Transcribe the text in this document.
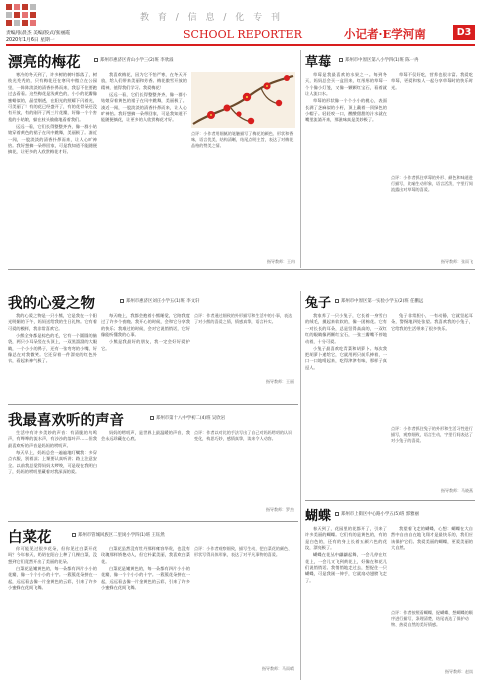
教 育 / 信 息 / 化 专 刊
责编/张晨杰 美编/胶式/张丽霞
2020年1月6日 星期一	SCHOOL REPORTER	小记者·E学河南	D3
漂亮的梅花	郑州市惠济区青山小学三(2)班 李欣溢

寒冷的冬天到了，许多树的树叶都落了，树枝光秃秃的，只有梅花还在寒风中傲立在公园里，一阵阵淡淡的清香扑鼻而来，我忍不住要跑过去看看。这些梅花是浅黄色的，小小的花瓣像蜜蜡似的，晶莹剔透，在阳光的照耀下闪着光，可美丽了！有的花已经盛开了，有的花骨朵还没有开放，有的刚开了两三片花瓣，好像一个个害羞的小姑娘，躲在枝头偷偷地看着我们。

远远一看，它们长得整整齐齐，像一群小姑娘穿着黄色的裙子在风中跳舞，美丽极了。凑近一闻，一股淡淡的清香扑鼻而来，让人心旷神怡。我好想摘一朵带回家，可是我知道不能随便摘花，让更多的人欣赏梅花才好。

我喜欢梅花，因为它不怕严寒，在冬天开放，给人们带来美丽和芳香。梅花傲雪开放的精神，值得我们学习。我爱梅花！

远远一看，它们长得整整齐齐，像一群小姑娘穿着黄色的裙子在风中跳舞，美丽极了。凑近一闻，一股淡淡的清香扑鼻而来，让人心旷神怡。我好想摘一朵带回家，可是我知道不能随便摘花，让更多的人欣赏梅花才好。

点评：小作者用细腻的笔触描写了梅花的颜色、形状和香味，语言优美，结构清晰，结尾点明主旨，表达了对梅花品格的赞美之情。
指导教师：王冉
草莓	郑州市中原区第八小学四(1)班 陈一冉

草莓是我最喜欢的水果之一。每到冬天，妈妈总会买一盒回来，红彤彤的草莓一个个像小灯笼，又像一颗颗红宝石，看着就让人流口水。

草莓的形状像一个个小小的桃心，表面长满了芝麻似的小籽，顶上戴着一顶绿色的小帽子。轻轻咬一口，酸酸甜甜的汁水就在嘴里流淌开来，那滋味真是美妙极了。

草莓不仅好吃，营养也很丰富。我爱吃草莓，更爱和家人一起分享草莓时的快乐时光。

点评：小作者抓住草莓的外形、颜色和味道进行描写，比喻生动形象，语言活泼，字里行间流露出对草莓的喜爱。
指导教师：张雨飞
我的心爱之物	郑州市惠济区刘庄小学五(1)班 李文轩

我的心爱之物是一只小熊，它是我在一个阳光明媚的下午，妈妈送给我的生日礼物。它有着可爱的模样，我非常喜欢它。

小熊全身都是棕色的毛，它有一个圆圆的脑袋，两只小耳朵竖在头顶上，一双黑溜溜的大眼睛，一个小小的鼻子，还有一张弯弯的小嘴，好像总在对我微笑。它还穿着一件漂亮的红色外衣，看起来神气极了。

每天晚上，我都会抱着小熊睡觉，它陪我度过了许多个夜晚。我开心的时候，会和它分享我的快乐；我难过的时候，会对它说悄悄话，它好像能听懂我的心事。

小熊是我最好的朋友，我一定会好好爱护它。

点评：作者通过细致的外形描写和生活中的小事，表达了对小熊的喜爱之情，情感真挚，语言朴实。
指导教师：王丽
兔子 郑州市中原区第一实验小学五(2)班 任鹏远

我家养了一只小兔子，它长着一身雪白的绒毛，摸起来软软的，像一团棉花。它有一对长长的耳朵，总是竖得高高的，一双红红的眼睛像两颗红宝石，一张三瓣嘴不停地动着，十分可爱。

小兔子最喜欢吃青菜和胡萝卜。每次我把胡萝卜递给它，它就用两只前爪捧着，一口一口地啃起来，吃得津津有味，那样子真逗人。

兔子非常胆小，一有动静，它就竖起耳朵，警惕地四处张望。我喜欢我的小兔子，它给我的生活带来了很多快乐。

点评：小作者抓住兔子的外形和生活习性进行描写，观察细致，语言生动，字里行间表达了对小兔子的喜爱。
指导教师：马晓燕
我最喜欢听的声音	郑州市第十八中学初二(4)班 吴欣岩

生活中有许多美妙的声音：有清脆的鸟鸣声，有哗哗的流水声，有沙沙的落叶声……但我最喜欢听的声音是妈妈的唠叨声。

每天早上，妈妈总会一遍遍地叮嘱我：多穿点衣服，别着凉；上课要认真听讲；路上注意安全。以前我总觉得妈妈太啰唆，可是现在我明白了，妈妈的唠叨里藏着对我深深的爱。

妈妈的唠叨声，是世界上最温暖的声音，我会永远珍藏在心底。

点评：作者以对比的手法写出了自己对妈妈唠叨的认识变化，构思巧妙，感情真挚，读来令人动容。
指导教师：罗杰
白菜花	郑州市管城回族区二里岗小学四(1)班 王钰然

你可能见过很多花朵，但你见过白菜开花吗？今年春天，奶奶在阳台上种了几棵白菜，没想到它们竟然开出了美丽的花朵。

白菜花是嫩黄色的，每一朵都有四片小小的花瓣，像一个个小小的十字。一簇簇花朵挤在一起，远远看去像一片金黄色的云彩，引来了许多小蜜蜂在花间飞舞。

白菜花虽然没有牡丹那样雍容华贵，也没有玫瑰那样娇艳动人，但它朴素美丽，我喜欢白菜花。

白菜花是嫩黄色的，每一朵都有四片小小的花瓣，像一个个小小的十字。一簇簇花朵挤在一起，远远看去像一片金黄色的云彩，引来了许多小蜜蜂在花间飞舞。

点评：小作者观察细致，描写生动，把白菜花的颜色、形状写得具体形象，表达了对平凡事物的喜爱。
指导教师：马雨晴
蝴蝶 郑州市上街区中心路小学五(5)班 郭雅丽

春天到了，花园里的花都开了，引来了许多美丽的蝴蝶。它们有的是黄色的，有的是白色的，还有的身上长着五颜六色的花纹，漂亮极了。

蝴蝶在花丛中翩翩起舞，一会儿停在红花上，一会儿又飞到黄花上，好像在和花儿们说悄悄话。我悄悄地走过去，想捉住一只蝴蝶，可是我刚一伸手，它就扇动翅膀飞走了。

我望着飞走的蝴蝶，心想：蝴蝶在大自然中自由自在地飞翔才是最快乐的，我们应该保护它们。我爱美丽的蝴蝶，更爱美丽的大自然。

点评：作者按照看蝴蝶、捉蝴蝶、想蝴蝶的顺序进行描写，条理清楚，结尾表达了保护动物、热爱自然的美好情感。
指导教师：赵岚
